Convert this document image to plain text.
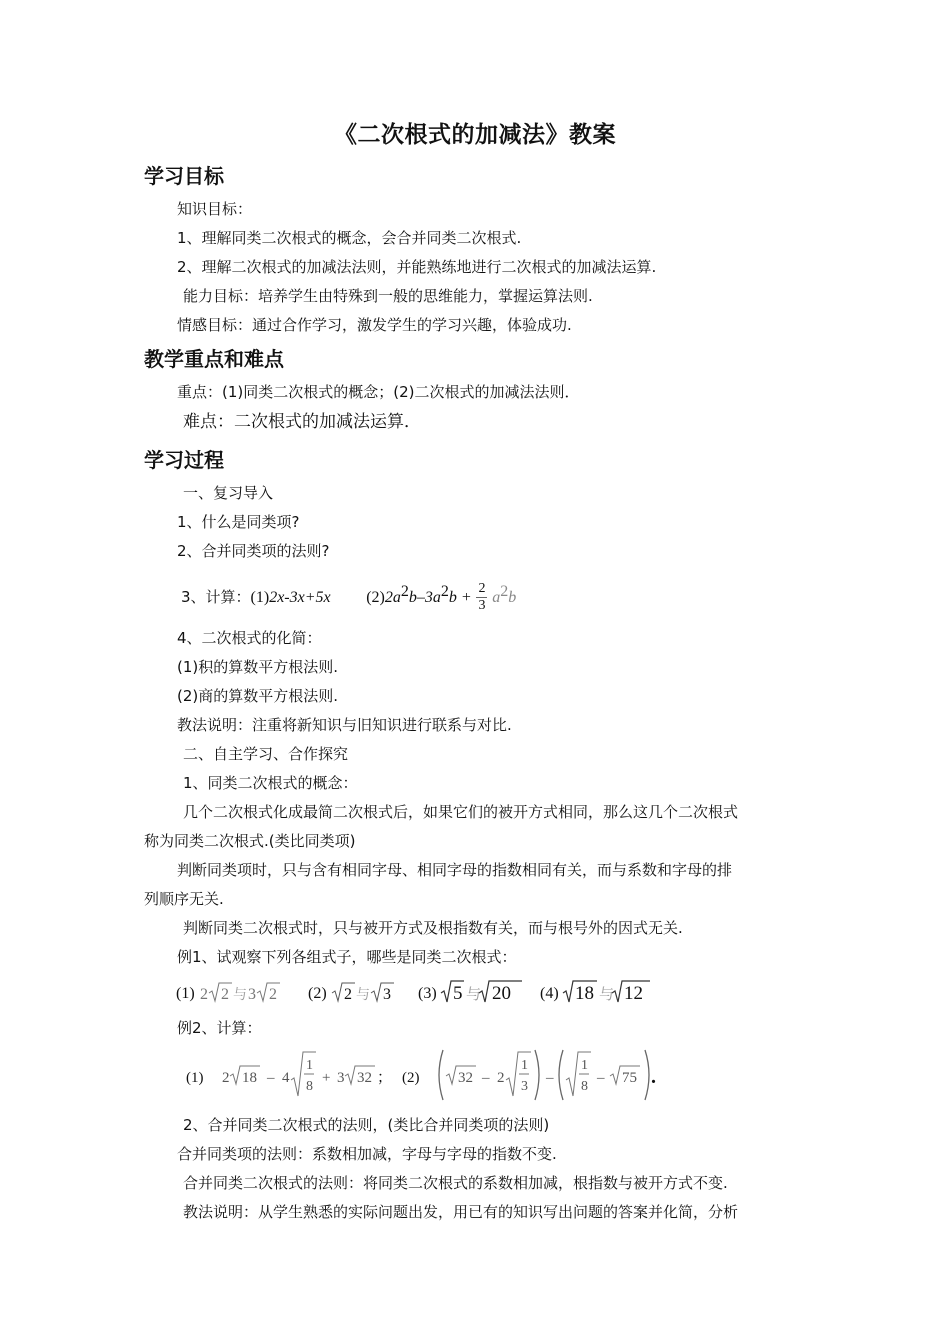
《二次根式的加减法》教案
学习目标
知识目标：
1、理解同类二次根式的概念，会合并同类二次根式.
2、理解二次根式的加减法法则，并能熟练地进行二次根式的加减法运算.
能力目标：培养学生由特殊到一般的思维能力，掌握运算法则.
情感目标：通过合作学习，激发学生的学习兴趣，体验成功.
教学重点和难点
重点：(1)同类二次根式的概念；(2)二次根式的加减法法则．
难点：二次根式的加减法运算．
学习过程
一、复习导入
1、什么是同类项?
2、合并同类项的法则?
3、计算：(1)2x-3x+5x $(2)2a^2b-3a^2b + \frac{2}{3} a^2b$
4、二次根式的化简：
(1)积的算数平方根法则.
(2)商的算数平方根法则.
教法说明：注重将新知识与旧知识进行联系与对比.
二、自主学习、合作探究
1、同类二次根式的概念：
几个二次根式化成最简二次根式后，如果它们的被开方式相同，那么这几个二次根式
称为同类二次根式.(类比同类项)
判断同类项时，只与含有相同字母、相同字母的指数相同有关，而与系数和字母的排
列顺序无关.
判断同类二次根式时，只与被开方式及根指数有关，而与根号外的因式无关.
例1、试观察下列各组式子，哪些是同类二次根式：
(1) 2 2 与 3 2 (2) 2 与 3 (3) 5 与 20 (4) 18 与 12
例2、计算：
(1) 2 18 – 4
1
8
+ 3 32 ； (2)	32 – 2
1
3
–
1
8
– 75 .
2、合并同类二次根式的法则，(类比合并同类项的法则)
合并同类项的法则：系数相加减，字母与字母的指数不变.
合并同类二次根式的法则：将同类二次根式的系数相加减，根指数与被开方式不变.
教法说明：从学生熟悉的实际问题出发，用已有的知识写出问题的答案并化简，分析
